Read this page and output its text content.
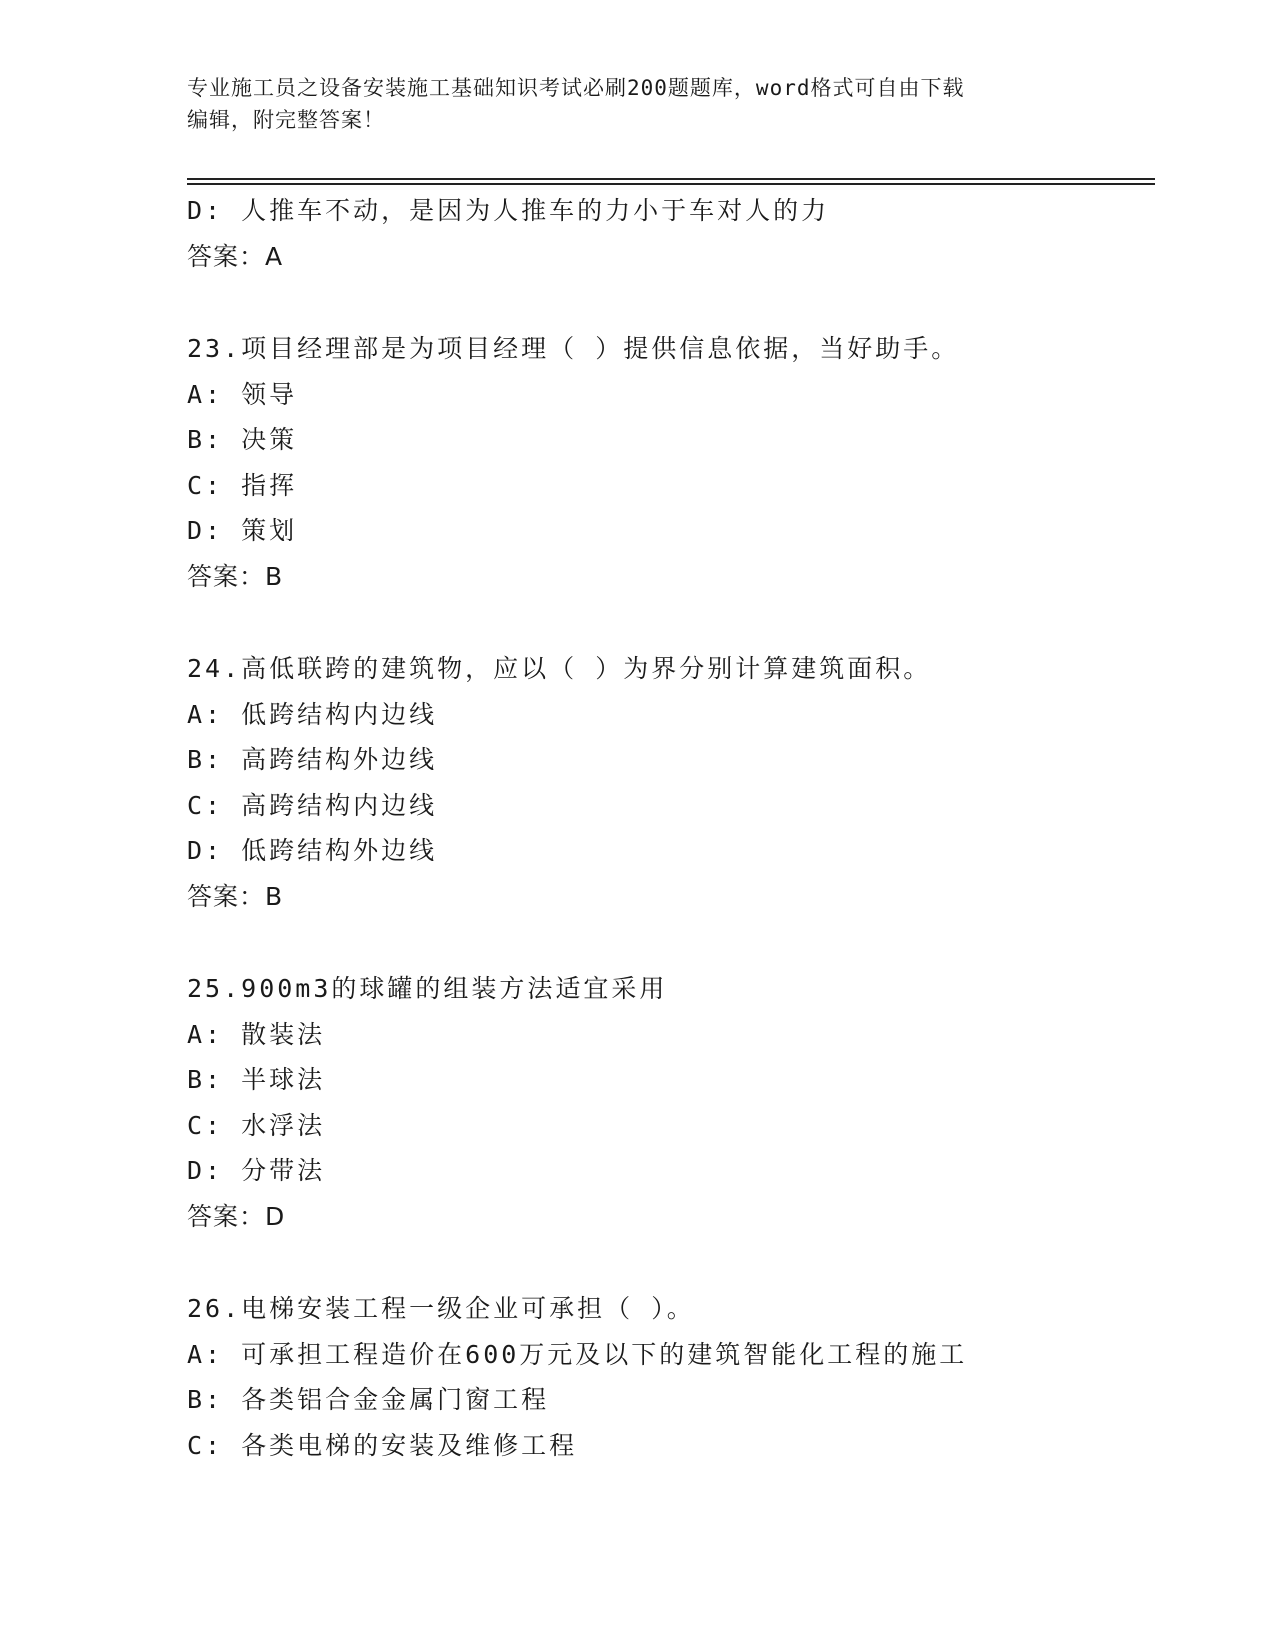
专业施工员之设备安装施工基础知识考试必刷200题题库，word格式可自由下载
编辑，附完整答案！
D: 人推车不动，是因为人推车的力小于车对人的力
答案：A
23.项目经理部是为项目经理（ ）提供信息依据，当好助手。
A: 领导
B: 决策
C: 指挥
D: 策划
答案：B
24.高低联跨的建筑物，应以（ ）为界分别计算建筑面积。
A: 低跨结构内边线
B: 高跨结构外边线
C: 高跨结构内边线
D: 低跨结构外边线
答案：B
25.900m3的球罐的组装方法适宜采用
A: 散装法
B: 半球法
C: 水浮法
D: 分带法
答案：D
26.电梯安装工程一级企业可承担（ ）。
A: 可承担工程造价在600万元及以下的建筑智能化工程的施工
B: 各类铝合金金属门窗工程
C: 各类电梯的安装及维修工程
